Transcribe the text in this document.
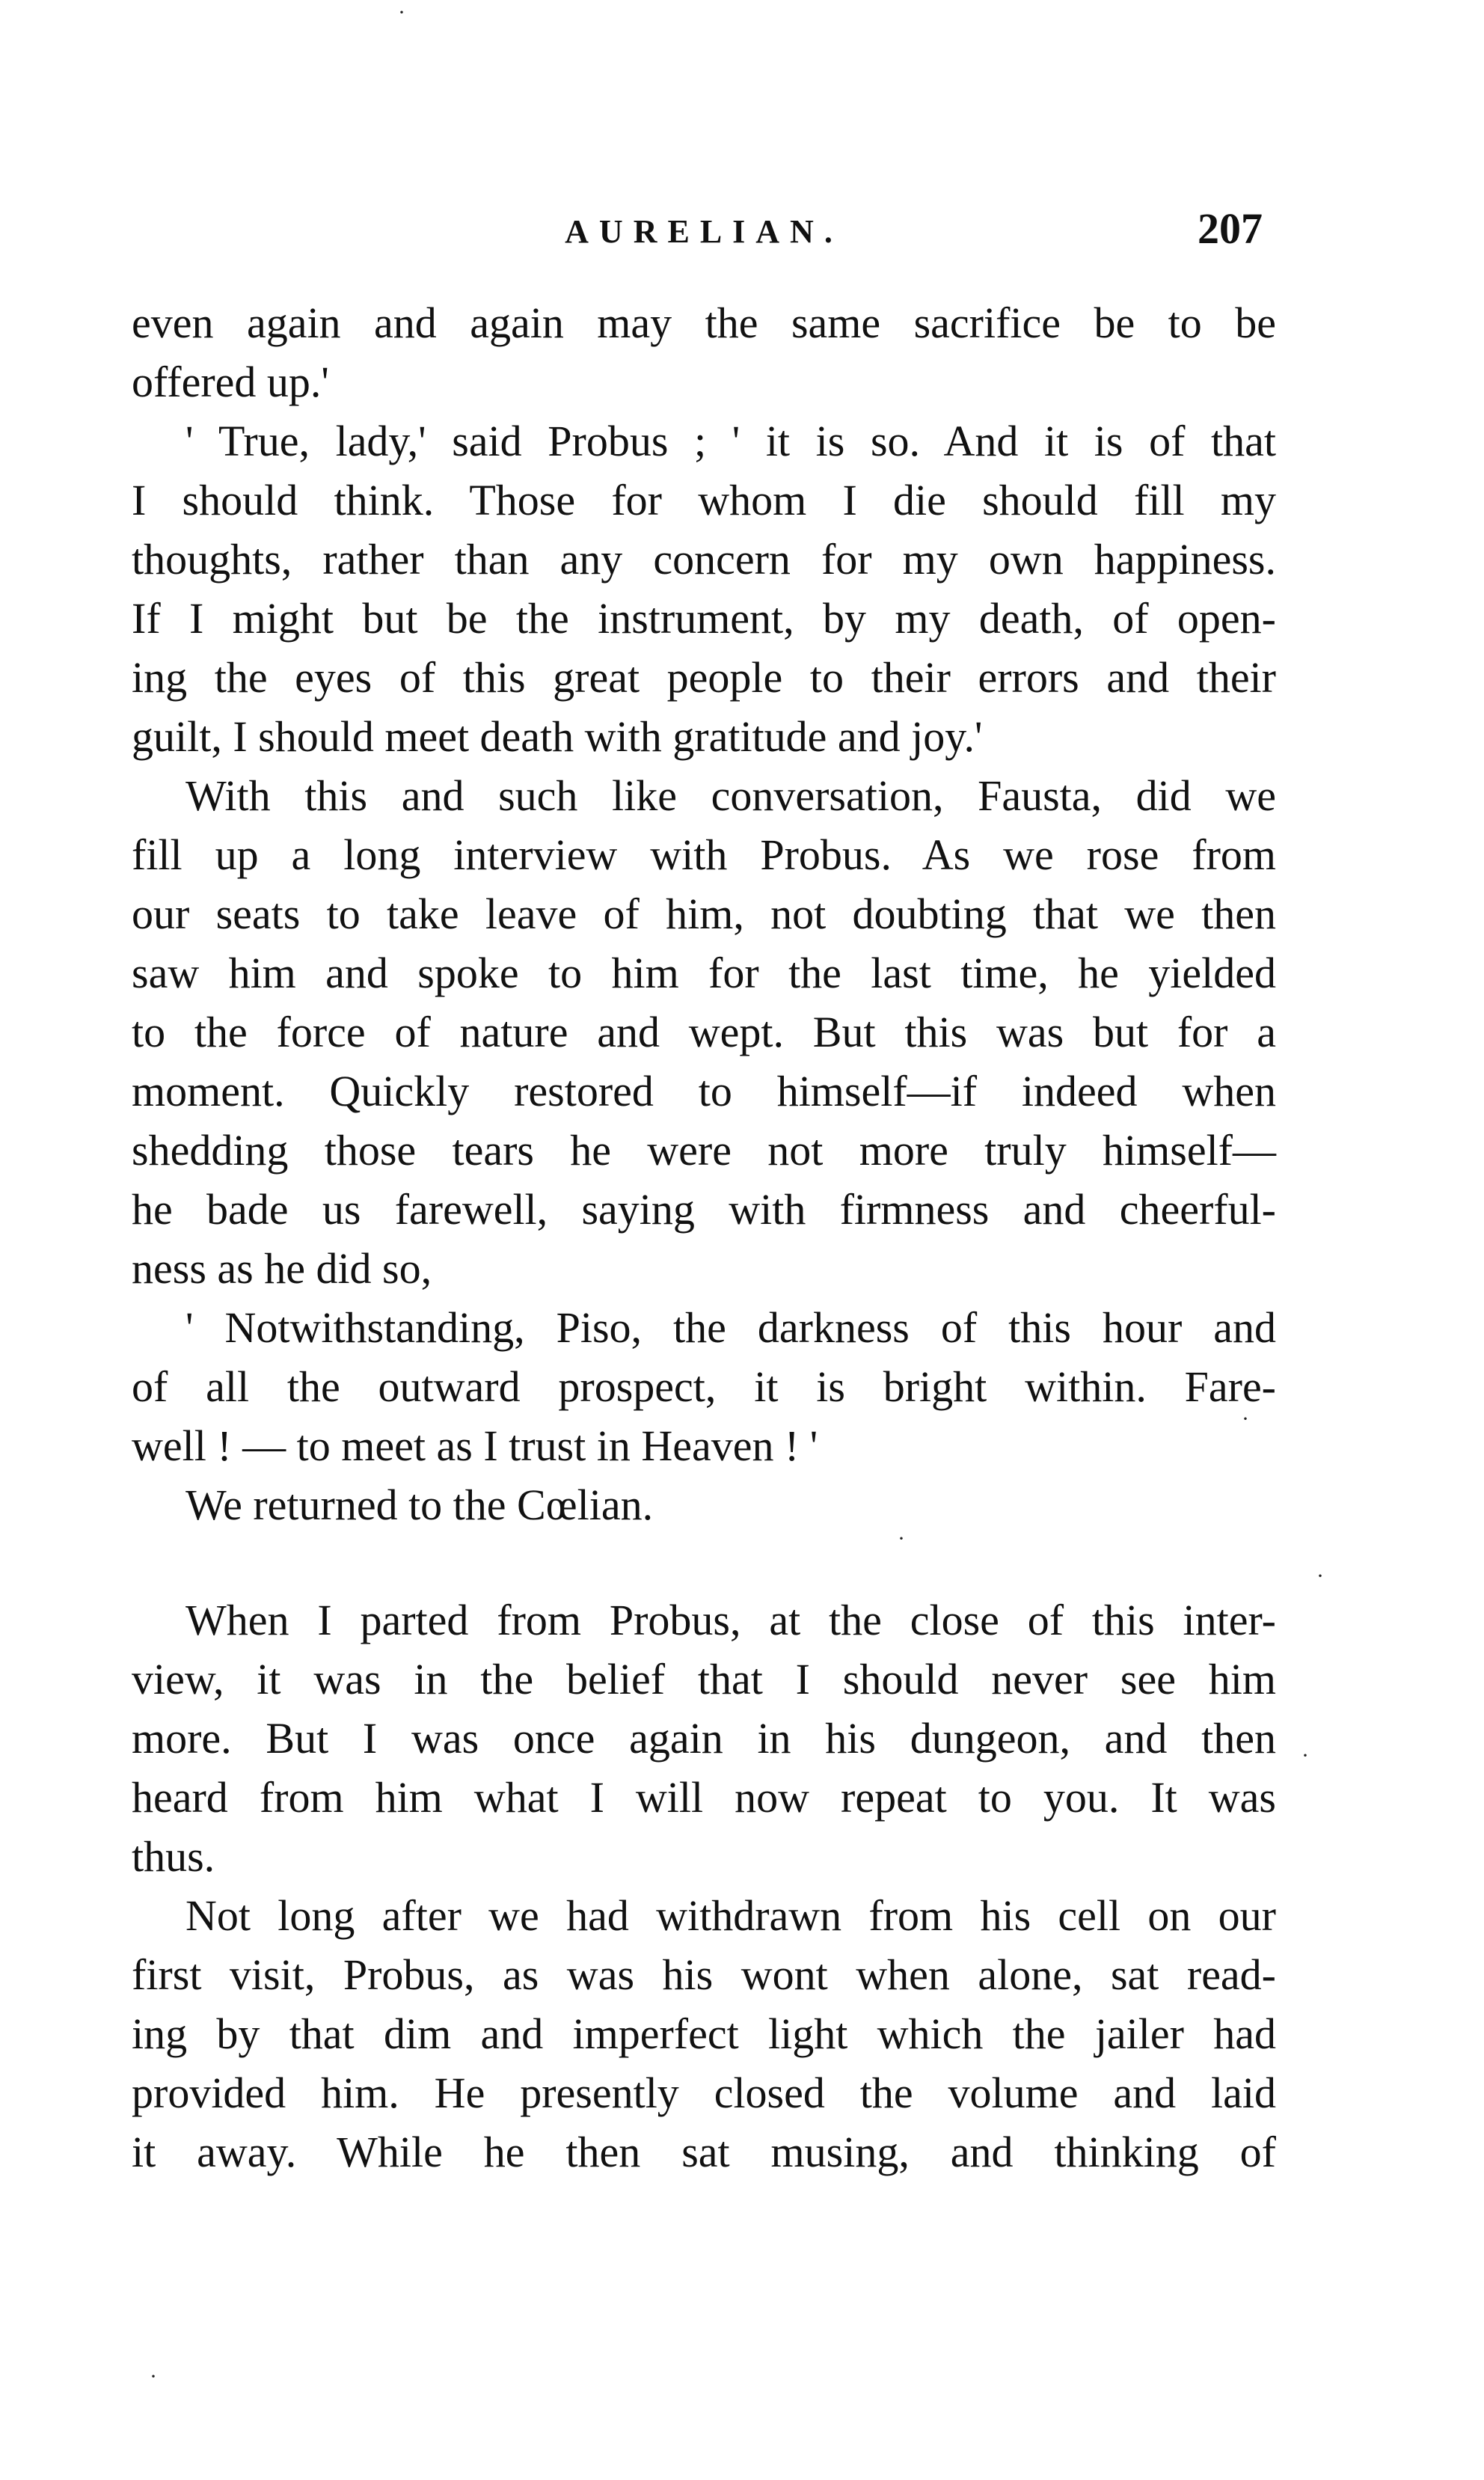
AURELIAN.	207
even again and again may the same sacrifice be to be
offered up.'
' True, lady,' said Probus ; ' it is so. And it is of that
I should think. Those for whom I die should fill my
thoughts, rather than any concern for my own happiness.
If I might but be the instrument, by my death, of open-
ing the eyes of this great people to their errors and their
guilt, I should meet death with gratitude and joy.'
With this and such like conversation, Fausta, did we
fill up a long interview with Probus. As we rose from
our seats to take leave of him, not doubting that we then
saw him and spoke to him for the last time, he yielded
to the force of nature and wept. But this was but for a
moment. Quickly restored to himself—if indeed when
shedding those tears he were not more truly himself—
he bade us farewell, saying with firmness and cheerful-
ness as he did so,
' Notwithstanding, Piso, the darkness of this hour and
of all the outward prospect, it is bright within. Fare-
well ! — to meet as I trust in Heaven ! '
We returned to the Cœlian.
When I parted from Probus, at the close of this inter-
view, it was in the belief that I should never see him
more. But I was once again in his dungeon, and then
heard from him what I will now repeat to you. It was
thus.
Not long after we had withdrawn from his cell on our
first visit, Probus, as was his wont when alone, sat read-
ing by that dim and imperfect light which the jailer had
provided him. He presently closed the volume and laid
it away. While he then sat musing, and thinking of
·
·
·
·
·
·
